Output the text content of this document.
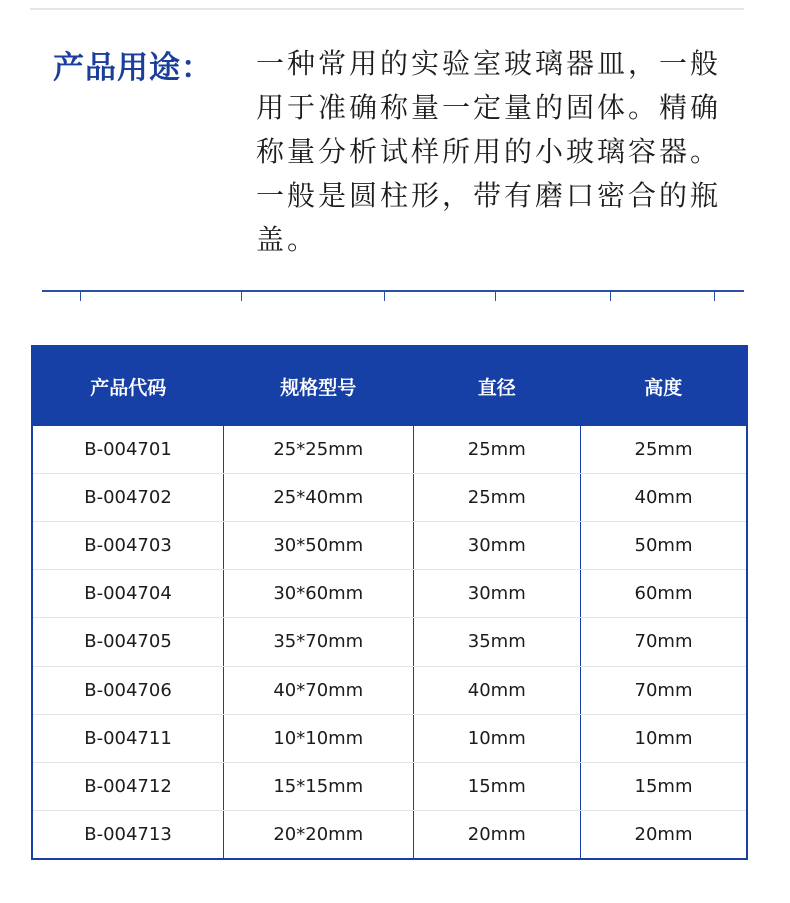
产品用途： 一种常用的实验室玻璃器皿，一般用于准确称量一定量的固体。精确称量分析试样所用的小玻璃容器。一般是圆柱形，带有磨口密合的瓶盖。
产品代码	规格型号	直径	高度
B-004701	25*25mm	25mm	25mm
B-004702	25*40mm	25mm	40mm
B-004703	30*50mm	30mm	50mm
B-004704	30*60mm	30mm	60mm
B-004705	35*70mm	35mm	70mm
B-004706	40*70mm	40mm	70mm
B-004711	10*10mm	10mm	10mm
B-004712	15*15mm	15mm	15mm
B-004713	20*20mm	20mm	20mm
